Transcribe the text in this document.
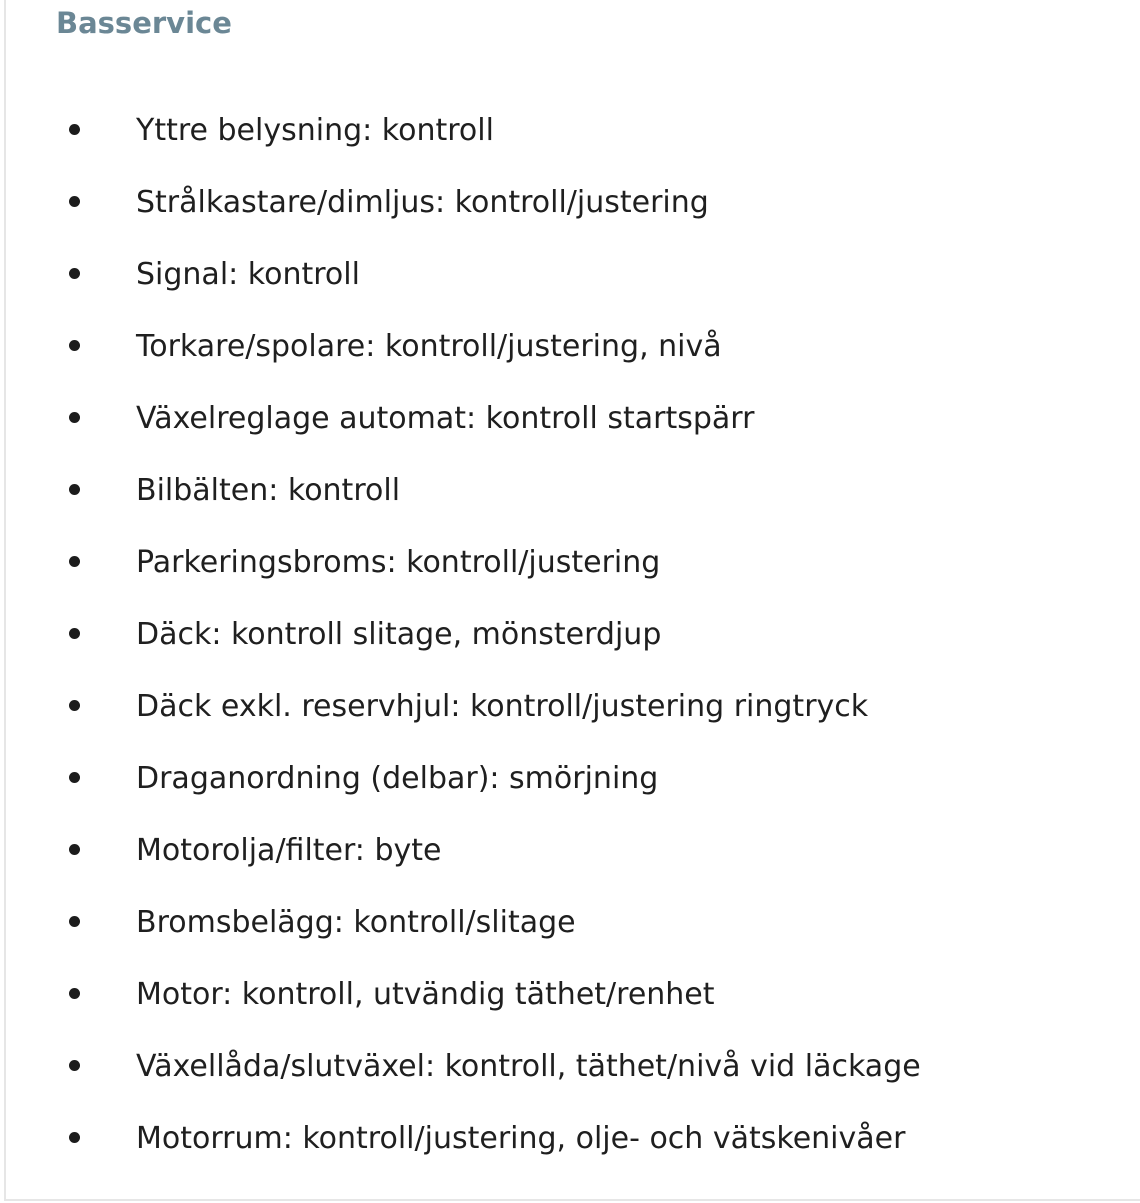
Basservice
Yttre belysning: kontroll
Strålkastare/dimljus: kontroll/justering
Signal: kontroll
Torkare/spolare: kontroll/justering, nivå
Växelreglage automat: kontroll startspärr
Bilbälten: kontroll
Parkeringsbroms: kontroll/justering
Däck: kontroll slitage, mönsterdjup
Däck exkl. reservhjul: kontroll/justering ringtryck
Draganordning (delbar): smörjning
Motorolja/filter: byte
Bromsbelägg: kontroll/slitage
Motor: kontroll, utvändig täthet/renhet
Växellåda/slutväxel: kontroll, täthet/nivå vid läckage
Motorrum: kontroll/justering, olje- och vätskenivåer
